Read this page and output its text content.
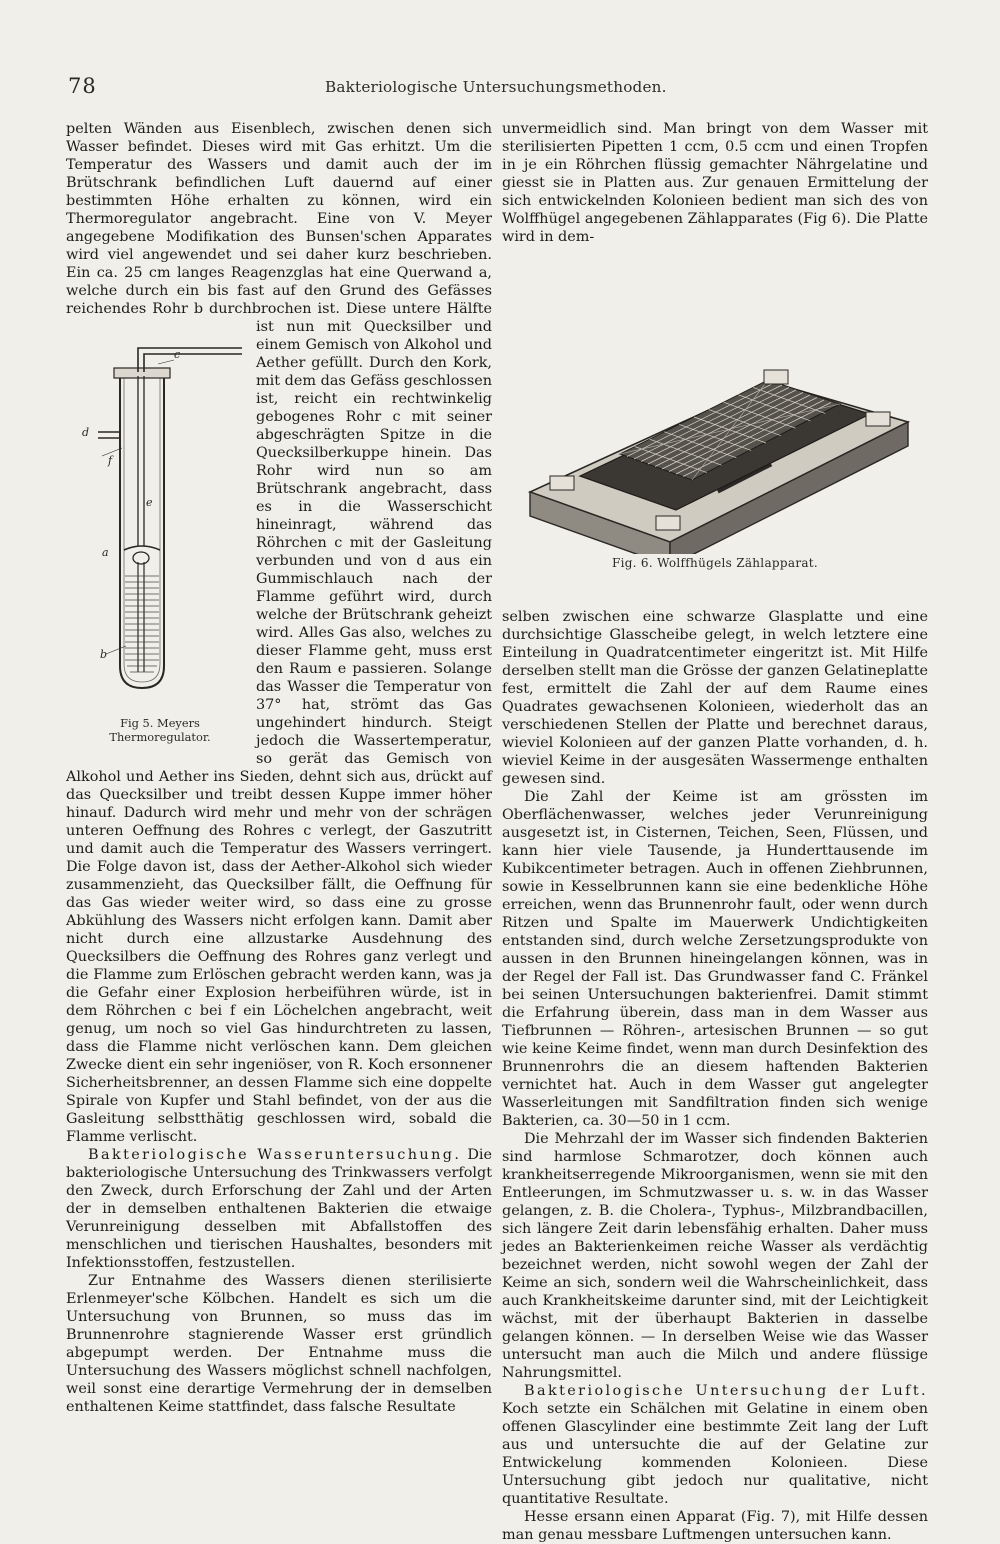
78	Bakteriologische Untersuchungsmethoden.
c
d
f
e
a
b
Fig 5. Meyers Thermoregulator.

pelten Wänden aus Eisenblech, zwischen denen sich Wasser befindet. Dieses wird mit Gas erhitzt. Um die Temperatur des Wassers und damit auch der im Brütschrank befindlichen Luft dauernd auf einer bestimmten Höhe erhalten zu können, wird ein Thermoregulator angebracht. Eine von V. Meyer angegebene Modifikation des Bunsen'schen Apparates wird viel angewendet und sei daher kurz beschrieben. Ein ca. 25 cm langes Reagenzglas hat eine Querwand a, welche durch ein bis fast auf den Grund des Gefässes reichendes Rohr b durchbrochen ist. Diese untere Hälfte ist nun mit Quecksilber und einem Gemisch von Alkohol und Aether gefüllt. Durch den Kork, mit dem das Gefäss geschlossen ist, reicht ein rechtwinkelig gebogenes Rohr c mit seiner abgeschrägten Spitze in die Quecksilberkuppe hinein. Das Rohr wird nun so am Brütschrank angebracht, dass es in die Wasserschicht hineinragt, während das Röhrchen c mit der Gasleitung verbunden und von d aus ein Gummischlauch nach der Flamme geführt wird, durch welche der Brütschrank geheizt wird. Alles Gas also, welches zu dieser Flamme geht, muss erst den Raum e passieren. Solange das Wasser die Temperatur von 37° hat, strömt das Gas ungehindert hindurch. Steigt jedoch die Wassertemperatur, so gerät das Gemisch von Alkohol und Aether ins Sieden, dehnt sich aus, drückt auf das Quecksilber und treibt dessen Kuppe immer höher hinauf. Dadurch wird mehr und mehr von der schrägen unteren Oeffnung des Rohres c verlegt, der Gaszutritt und damit auch die Temperatur des Wassers verringert. Die Folge davon ist, dass der Aether-Alkohol sich wieder zusammenzieht, das Quecksilber fällt, die Oeffnung für das Gas wieder weiter wird, so dass eine zu grosse Abkühlung des Wassers nicht erfolgen kann. Damit aber nicht durch eine allzustarke Ausdehnung des Quecksilbers die Oeffnung des Rohres ganz verlegt und die Flamme zum Erlöschen gebracht werden kann, was ja die Gefahr einer Explosion herbeiführen würde, ist in dem Röhrchen c bei f ein Löchelchen angebracht, weit genug, um noch so viel Gas hindurchtreten zu lassen, dass die Flamme nicht verlöschen kann. Dem gleichen Zwecke dient ein sehr ingeniöser, von R. Koch ersonnener Sicherheitsbrenner, an dessen Flamme sich eine doppelte Spirale von Kupfer und Stahl befindet, von der aus die Gasleitung selbstthätig geschlossen wird, sobald die Flamme verlischt.

Bakteriologische Wasseruntersuchung. Die bakteriologische Untersuchung des Trinkwassers verfolgt den Zweck, durch Erforschung der Zahl und der Arten der in demselben enthaltenen Bakterien die etwaige Verunreinigung desselben mit Abfallstoffen des menschlichen und tierischen Haushaltes, besonders mit Infektionsstoffen, festzustellen.

Zur Entnahme des Wassers dienen sterilisierte Erlenmeyer'sche Kölbchen. Handelt es sich um die Untersuchung von Brunnen, so muss das im Brunnenrohre stagnierende Wasser erst gründlich abgepumpt werden. Der Entnahme muss die Untersuchung des Wassers möglichst schnell nachfolgen, weil sonst eine derartige Vermehrung der in demselben enthaltenen Keime stattfindet, dass falsche Resultate

unvermeidlich sind. Man bringt von dem Wasser mit sterilisierten Pipetten 1 ccm, 0.5 ccm und einen Tropfen in je ein Röhrchen flüssig gemachter Nährgelatine und giesst sie in Platten aus. Zur genauen Ermittelung der sich entwickelnden Kolonieen bedient man sich des von Wolffhügel angegebenen Zählapparates (Fig 6). Die Platte wird in dem-

Fig. 6. Wolffhügels Zählapparat.

selben zwischen eine schwarze Glasplatte und eine durchsichtige Glasscheibe gelegt, in welch letztere eine Einteilung in Quadratcentimeter eingeritzt ist. Mit Hilfe derselben stellt man die Grösse der ganzen Gelatineplatte fest, ermittelt die Zahl der auf dem Raume eines Quadrates gewachsenen Kolonieen, wiederholt das an verschiedenen Stellen der Platte und berechnet daraus, wieviel Kolonieen auf der ganzen Platte vorhanden, d. h. wieviel Keime in der ausgesäten Wassermenge enthalten gewesen sind.

Die Zahl der Keime ist am grössten im Oberflächenwasser, welches jeder Verunreinigung ausgesetzt ist, in Cisternen, Teichen, Seen, Flüssen, und kann hier viele Tausende, ja Hunderttausende im Kubikcentimeter betragen. Auch in offenen Ziehbrunnen, sowie in Kesselbrunnen kann sie eine bedenkliche Höhe erreichen, wenn das Brunnenrohr fault, oder wenn durch Ritzen und Spalte im Mauerwerk Undichtigkeiten entstanden sind, durch welche Zersetzungsprodukte von aussen in den Brunnen hineingelangen können, was in der Regel der Fall ist. Das Grundwasser fand C. Fränkel bei seinen Untersuchungen bakterienfrei. Damit stimmt die Erfahrung überein, dass man in dem Wasser aus Tiefbrunnen — Röhren-, artesischen Brunnen — so gut wie keine Keime findet, wenn man durch Desinfektion des Brunnenrohrs die an diesem haftenden Bakterien vernichtet hat. Auch in dem Wasser gut angelegter Wasserleitungen mit Sandfiltration finden sich wenige Bakterien, ca. 30—50 in 1 ccm.

Die Mehrzahl der im Wasser sich findenden Bakterien sind harmlose Schmarotzer, doch können auch krankheitserregende Mikroorganismen, wenn sie mit den Entleerungen, im Schmutzwasser u. s. w. in das Wasser gelangen, z. B. die Cholera-, Typhus-, Milzbrandbacillen, sich längere Zeit darin lebensfähig erhalten. Daher muss jedes an Bakterienkeimen reiche Wasser als verdächtig bezeichnet werden, nicht sowohl wegen der Zahl der Keime an sich, sondern weil die Wahrscheinlichkeit, dass auch Krankheitskeime darunter sind, mit der Leichtigkeit wächst, mit der überhaupt Bakterien in dasselbe gelangen können. — In derselben Weise wie das Wasser untersucht man auch die Milch und andere flüssige Nahrungsmittel.

Bakteriologische Untersuchung der Luft. Koch setzte ein Schälchen mit Gelatine in einem oben offenen Glascylinder eine bestimmte Zeit lang der Luft aus und untersuchte die auf der Gelatine zur Entwickelung kommenden Kolonieen. Diese Untersuchung gibt jedoch nur qualitative, nicht quantitative Resultate.

Hesse ersann einen Apparat (Fig. 7), mit Hilfe dessen man genau messbare Luftmengen untersuchen kann.
